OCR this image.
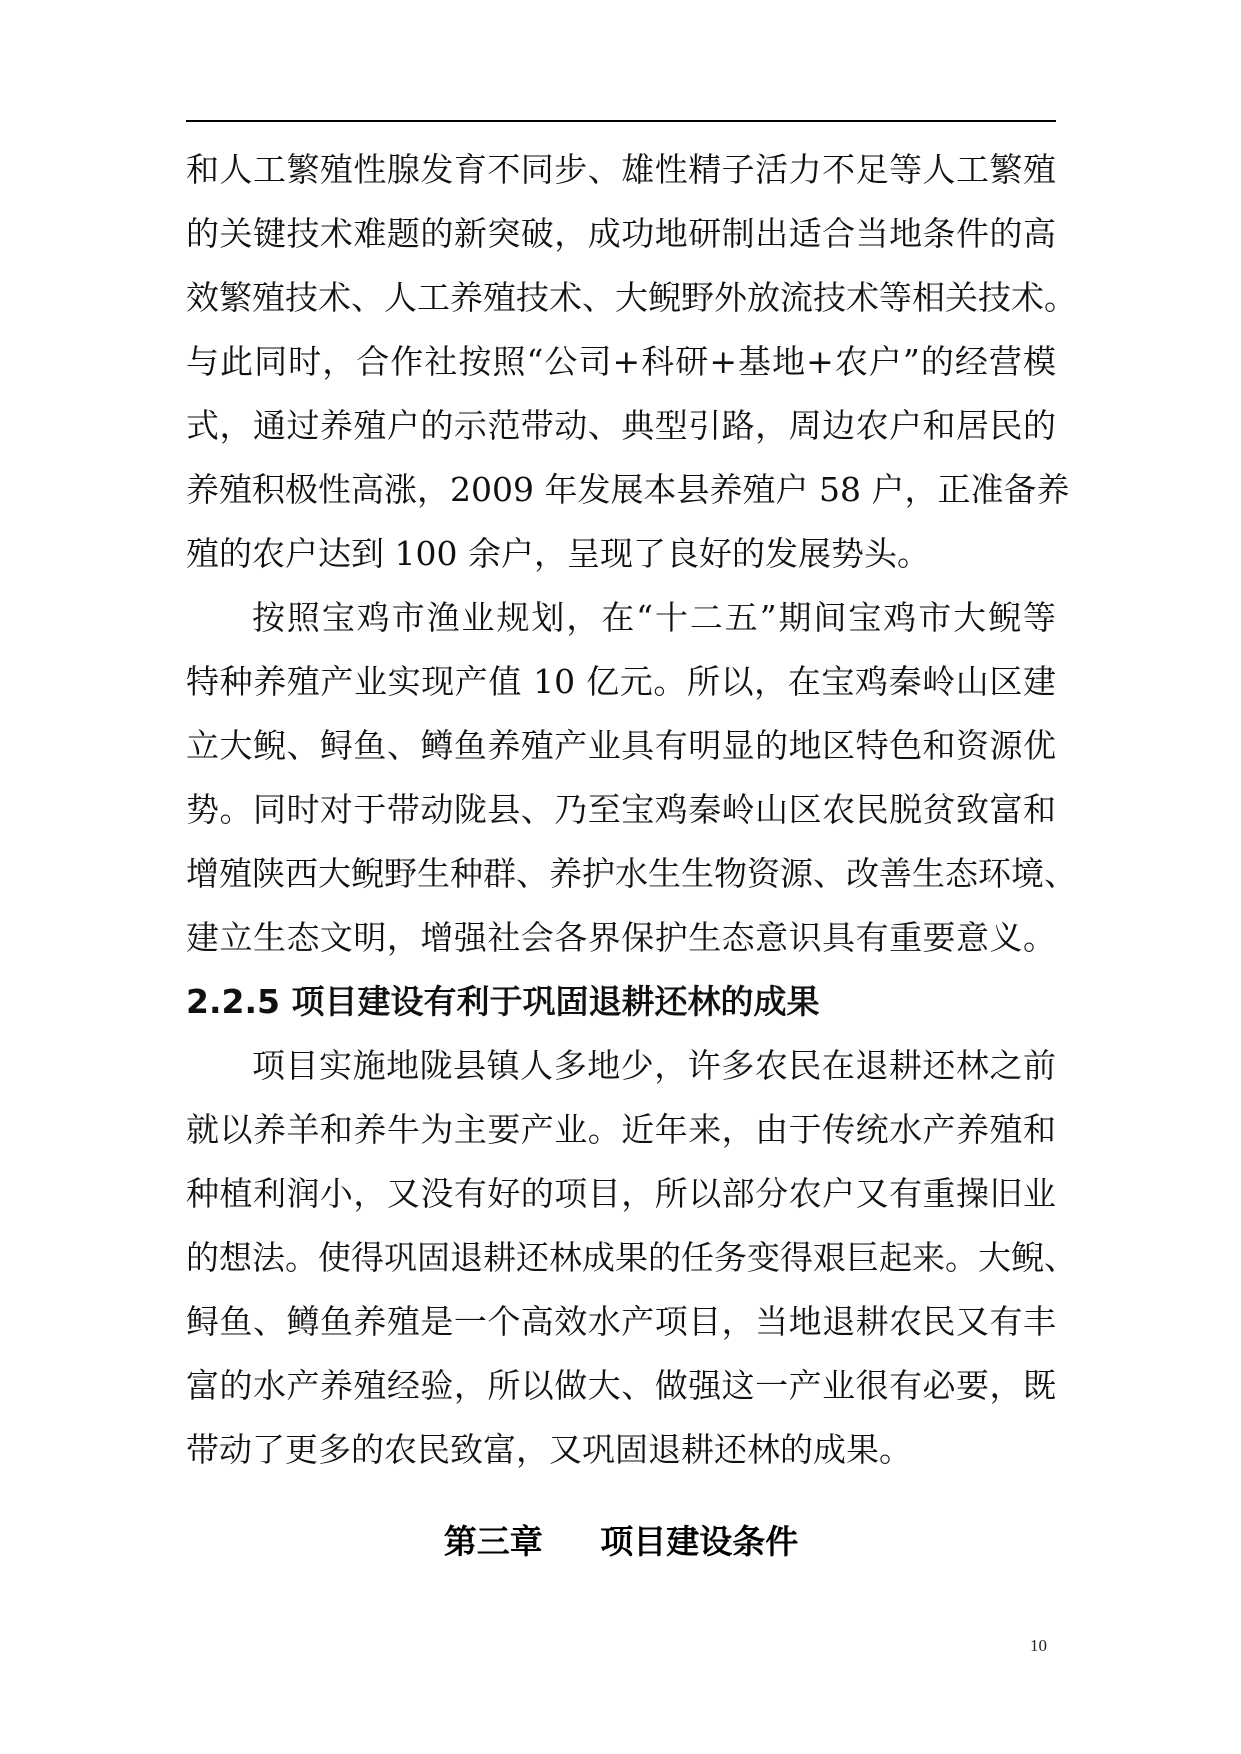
和人工繁殖性腺发育不同步、雄性精子活力不足等人工繁殖
的关键技术难题的新突破，成功地研制出适合当地条件的高
效繁殖技术、人工养殖技术、大鲵野外放流技术等相关技术。
与此同时，合作社按照“公司+科研+基地+农户”的经营模
式，通过养殖户的示范带动、典型引路，周边农户和居民的
养殖积极性高涨，2009 年发展本县养殖户 58 户，正准备养
殖的农户达到 100 余户，呈现了良好的发展势头。
按照宝鸡市渔业规划，在“十二五”期间宝鸡市大鲵等
特种养殖产业实现产值 10 亿元。所以，在宝鸡秦岭山区建
立大鲵、鲟鱼、鳟鱼养殖产业具有明显的地区特色和资源优
势。同时对于带动陇县、乃至宝鸡秦岭山区农民脱贫致富和
增殖陕西大鲵野生种群、养护水生生物资源、改善生态环境、
建立生态文明，增强社会各界保护生态意识具有重要意义。
2.2.5 项目建设有利于巩固退耕还林的成果
项目实施地陇县镇人多地少，许多农民在退耕还林之前
就以养羊和养牛为主要产业。近年来，由于传统水产养殖和
种植利润小，又没有好的项目，所以部分农户又有重操旧业
的想法。使得巩固退耕还林成果的任务变得艰巨起来。大鲵、
鲟鱼、鳟鱼养殖是一个高效水产项目，当地退耕农民又有丰
富的水产养殖经验，所以做大、做强这一产业很有必要，既
带动了更多的农民致富，又巩固退耕还林的成果。
第三章     项目建设条件
10
